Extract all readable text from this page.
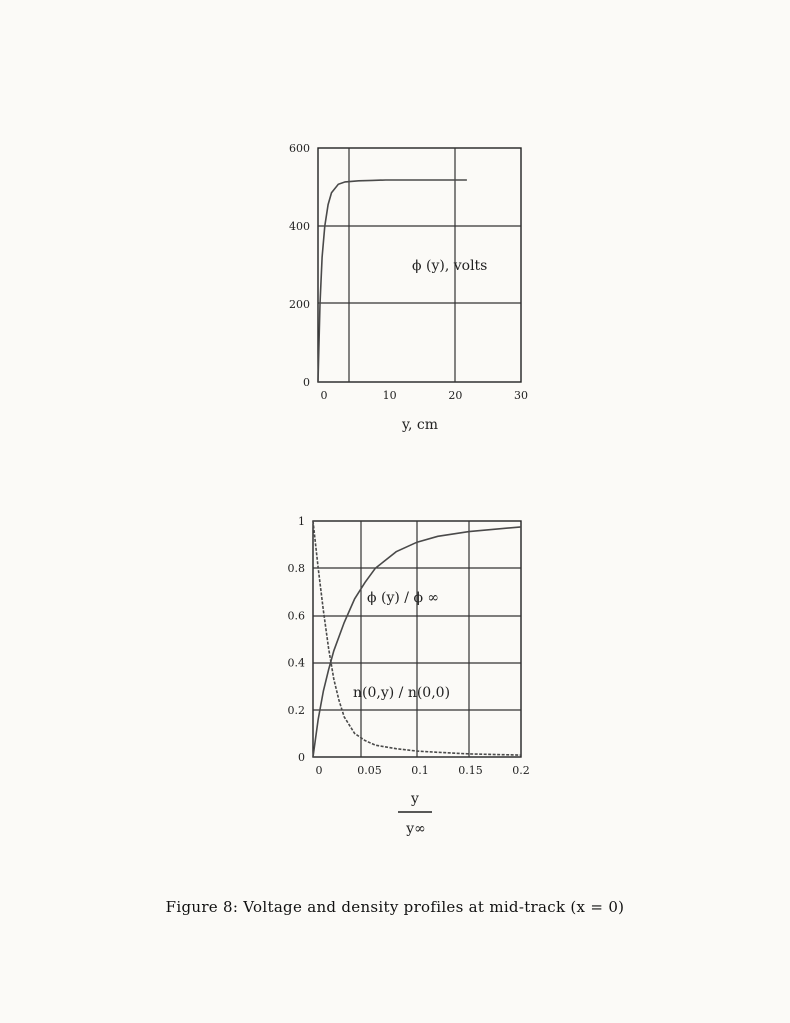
0
200
400
600
0	10	20	30
0
0.2
0.4
0.6
0.8
1
0	0.05	0.1	0.15	0.2
ϕ (y), volts
ϕ (y) / ϕ ∞
n(0,y) / n(0,0)
y, cm
y
y∞
Figure 8: Voltage and density profiles at mid-track (x = 0)
